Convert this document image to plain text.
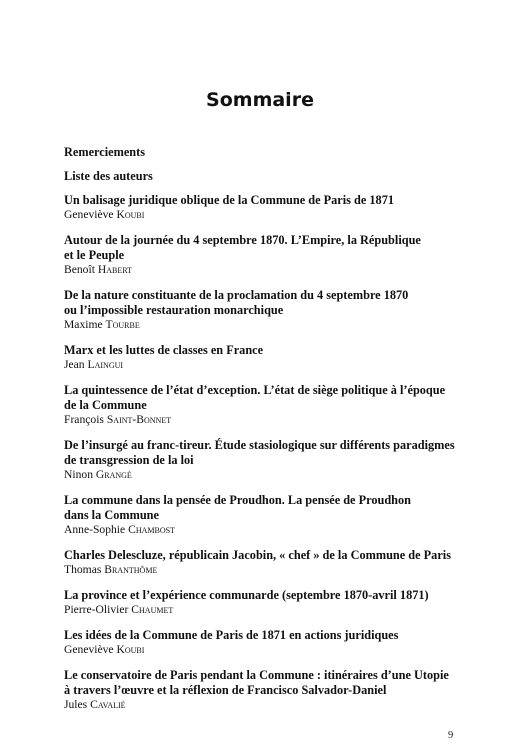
Sommaire
Remerciements
Liste des auteurs
Un balisage juridique oblique de la Commune de Paris de 1871
Geneviève Koubi
Autour de la journée du 4 septembre 1870. L’Empire, la République
et le Peuple
Benoît Habert
De la nature constituante de la proclamation du 4 septembre 1870
ou l’impossible restauration monarchique
Maxime Tourbe
Marx et les luttes de classes en France
Jean Laingui
La quintessence de l’état d’exception. L’état de siège politique à l’époque
de la Commune
François Saint-Bonnet
De l’insurgé au franc-tireur. Étude stasiologique sur différents paradigmes
de transgression de la loi
Ninon Grangé
La commune dans la pensée de Proudhon. La pensée de Proudhon
dans la Commune
Anne-Sophie Chambost
Charles Delescluze, républicain Jacobin, « chef » de la Commune de Paris
Thomas Branthôme
La province et l’expérience communarde (septembre 1870-avril 1871)
Pierre-Olivier Chaumet
Les idées de la Commune de Paris de 1871 en actions juridiques
Geneviève Koubi
Le conservatoire de Paris pendant la Commune : itinéraires d’une Utopie
à travers l’œuvre et la réflexion de Francisco Salvador-Daniel
Jules Cavalié
9
